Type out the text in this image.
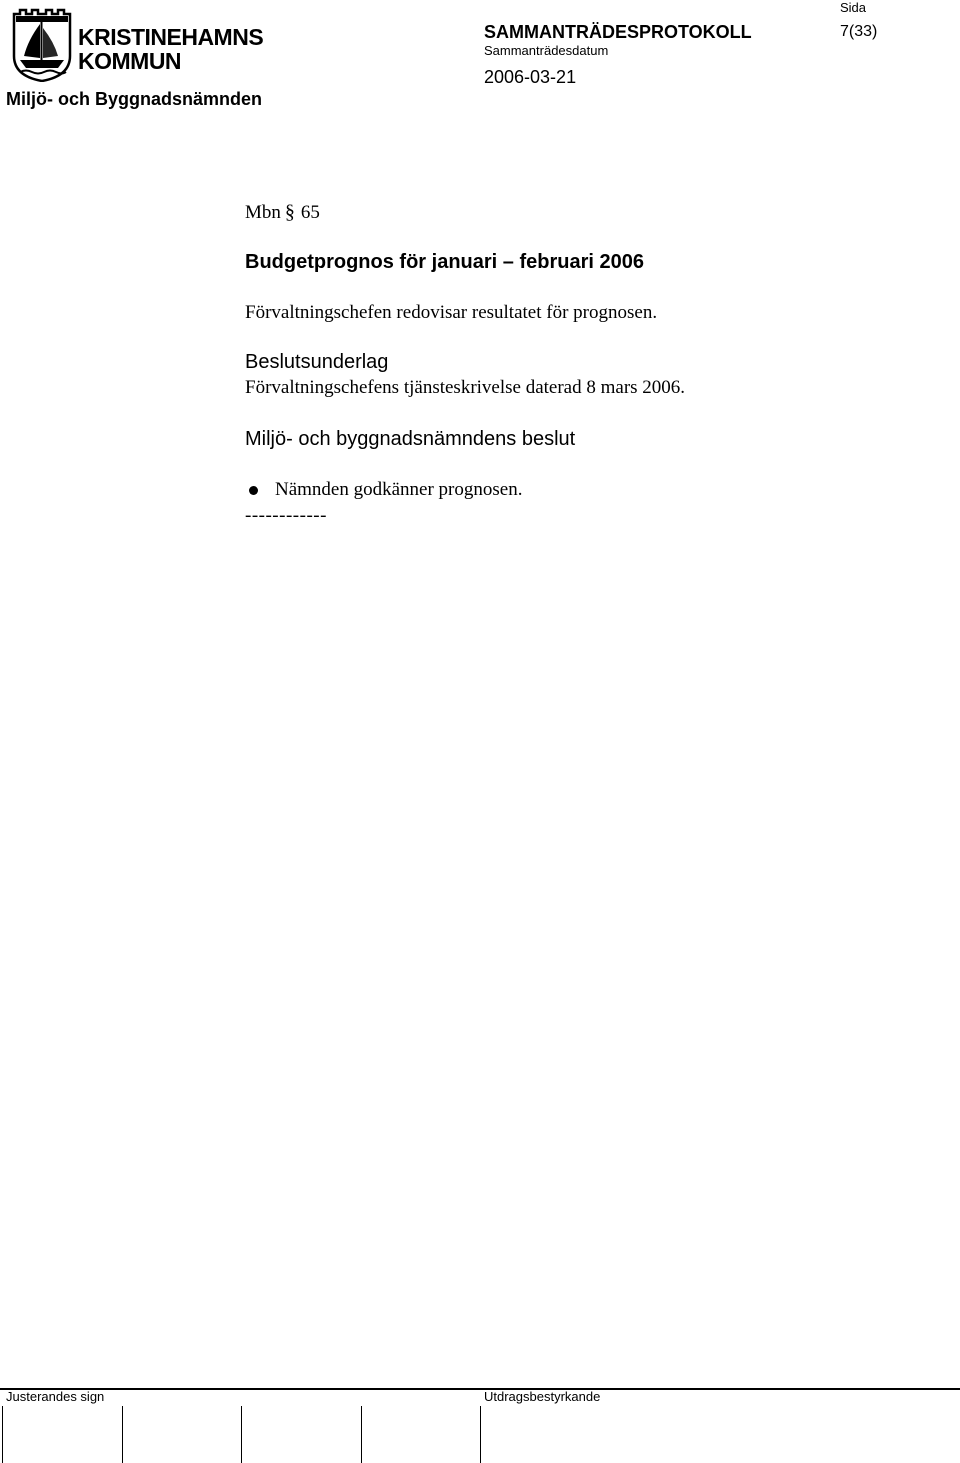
KRISTINEHAMNS
KOMMUN
Miljö- och Byggnadsnämnden
SAMMANTRÄDESPROTOKOLL
Sammanträdesdatum
2006-03-21
Sida
7(33)
Mbn § 65
Budgetprognos för januari – februari 2006
Förvaltningschefen redovisar resultatet för prognosen.
Beslutsunderlag
Förvaltningschefens tjänsteskrivelse daterad 8 mars 2006.
Miljö- och byggnadsnämndens beslut
Nämnden godkänner prognosen.
------------
Justerandes sign	Utdragsbestyrkande
